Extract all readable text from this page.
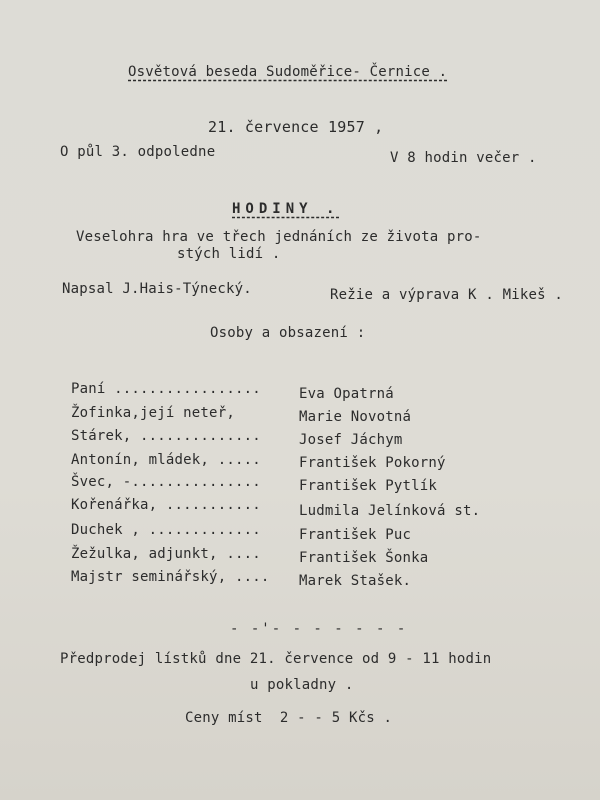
Osvětová beseda Sudoměřice- Černice .
21. července 1957 ,
O půl 3. odpoledne	V 8 hodin večer .
HODINY .
Veselohra hra ve třech jednáních ze života pro-
stých lidí .
Napsal J.Hais-Týnecký.	Režie a výprava K . Mikeš .
Osoby a obsazení :
Paní .................	Eva Opatrná
Žofinka,její neteř,	Marie Novotná
Stárek, ..............	Josef Jáchym
Antonín, mládek, .....	František Pokorný
Švec, -...............	František Pytlík
Kořenářka, ...........	Ludmila Jelínková st.
Duchek , .............	František Puc
Žežulka, adjunkt, ....	František Šonka
Majstr seminářský, .... Marek Stašek.
- -'- - - - - - -
Předprodej lístků dne 21. července od 9 - 11 hodin
u pokladny .
Ceny míst  2 - - 5 Kčs .
